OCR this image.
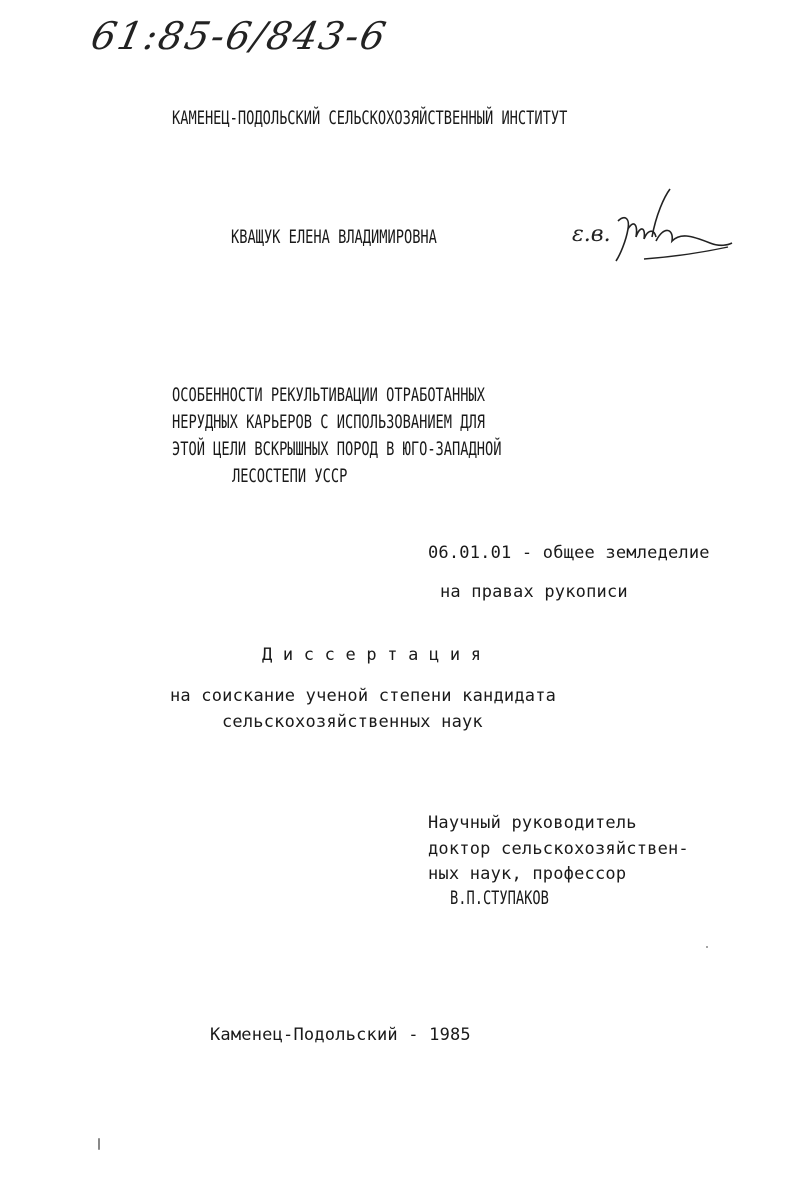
61:85-6/843-6
КАМЕНЕЦ-ПОДОЛЬСКИЙ СЕЛЬСКОХОЗЯЙСТВЕННЫЙ ИНСТИТУТ
КВАЩУК ЕЛЕНА ВЛАДИМИРОВНА	ε.в.
ОСОБЕННОСТИ РЕКУЛЬТИВАЦИИ ОТРАБОТАННЫХ
НЕРУДНЫХ КАРЬЕРОВ С ИСПОЛЬЗОВАНИЕМ ДЛЯ
ЭТОЙ ЦЕЛИ ВСКРЫШНЫХ ПОРОД В ЮГО-ЗАПАДНОЙ
ЛЕСОСТЕПИ УССР
06.01.01 - общее земледелие
на правах рукописи
Д и с с е р т а ц и я
на соискание ученой степени кандидата
сельскохозяйственных наук
Научный руководитель
доктор сельскохозяйствен-
ных наук, профессор
В.П.СТУПАКОВ
Каменец-Подольский - 1985
